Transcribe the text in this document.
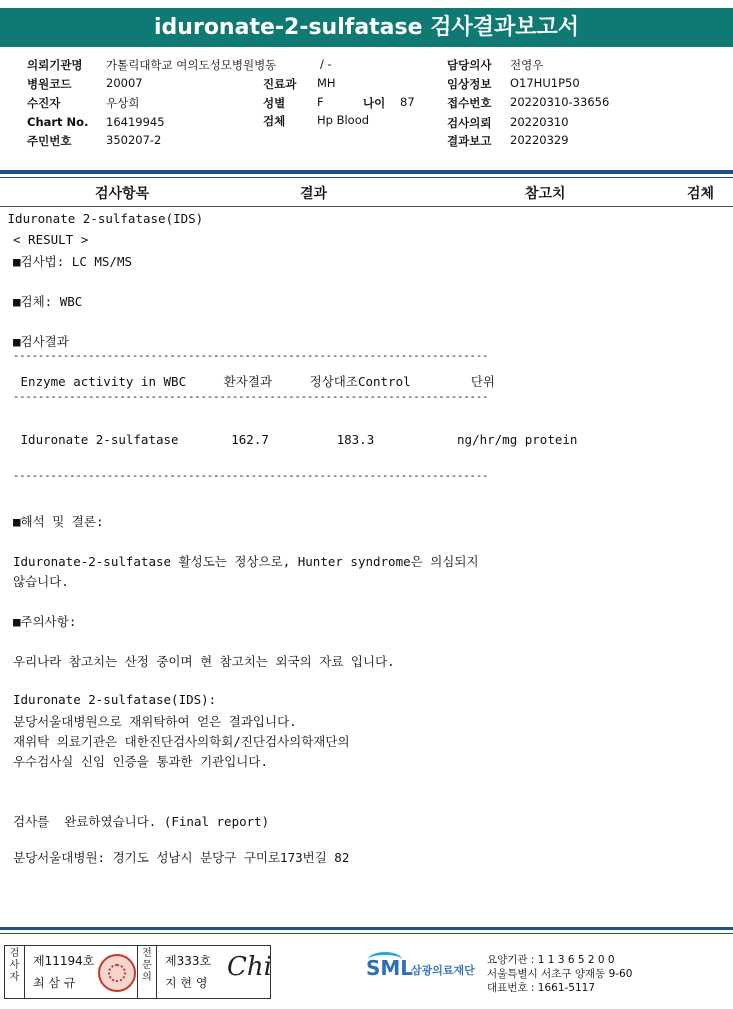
iduronate-2-sulfatase 검사결과보고서
의뢰기관명 가톨릭대학교 여의도성모병원병동	/ -	담당의사 전영우
병원코드	20007	진료과 MH	임상정보 O17HU1P50
수진자	우상희	성별	F	나이 87	접수번호 20220310-33656
Chart No. 16419945	검체	Hp Blood	검사의뢰 20220310
주민번호	350207-2	결과보고 20220329
검사항목	결과	참고치	검체

Iduronate 2-sulfatase(IDS)

< RESULT >

■검사법: LC MS/MS

■검체: WBC

■검사결과

----------------------------------------------------------------------------

Enzyme activity in WBC     환자결과     정상대조Control        단위

----------------------------------------------------------------------------

Iduronate 2-sulfatase       162.7         183.3           ng/hr/mg protein

----------------------------------------------------------------------------

■해석 및 결론:

Iduronate-2-sulfatase 활성도는 정상으로, Hunter syndrome은 의심되지

않습니다.

■주의사항:

우리나라 참고치는 산정 중이며 현 참고치는 외국의 자료 입니다.

Iduronate 2-sulfatase(IDS):

분당서울대병원으로 재위탁하여 얻은 결과입니다.

재위탁 의료기관은 대한진단검사의학회/진단검사의학재단의

우수검사실 신임 인증을 통과한 기관입니다.

검사를  완료하였습니다. (Final report)

분당서울대병원: 경기도 성남시 분당구 구미로173번길 82

검
사
자
제11194호
최 삼 규
전
문
의
제333호
지 현 영
Chi	SML
삼광의료재단
요양기관 : 1 1 3 6 5 2 0 0
서울특별시 서초구 양재동 9-60
대표번호 : 1661-5117
